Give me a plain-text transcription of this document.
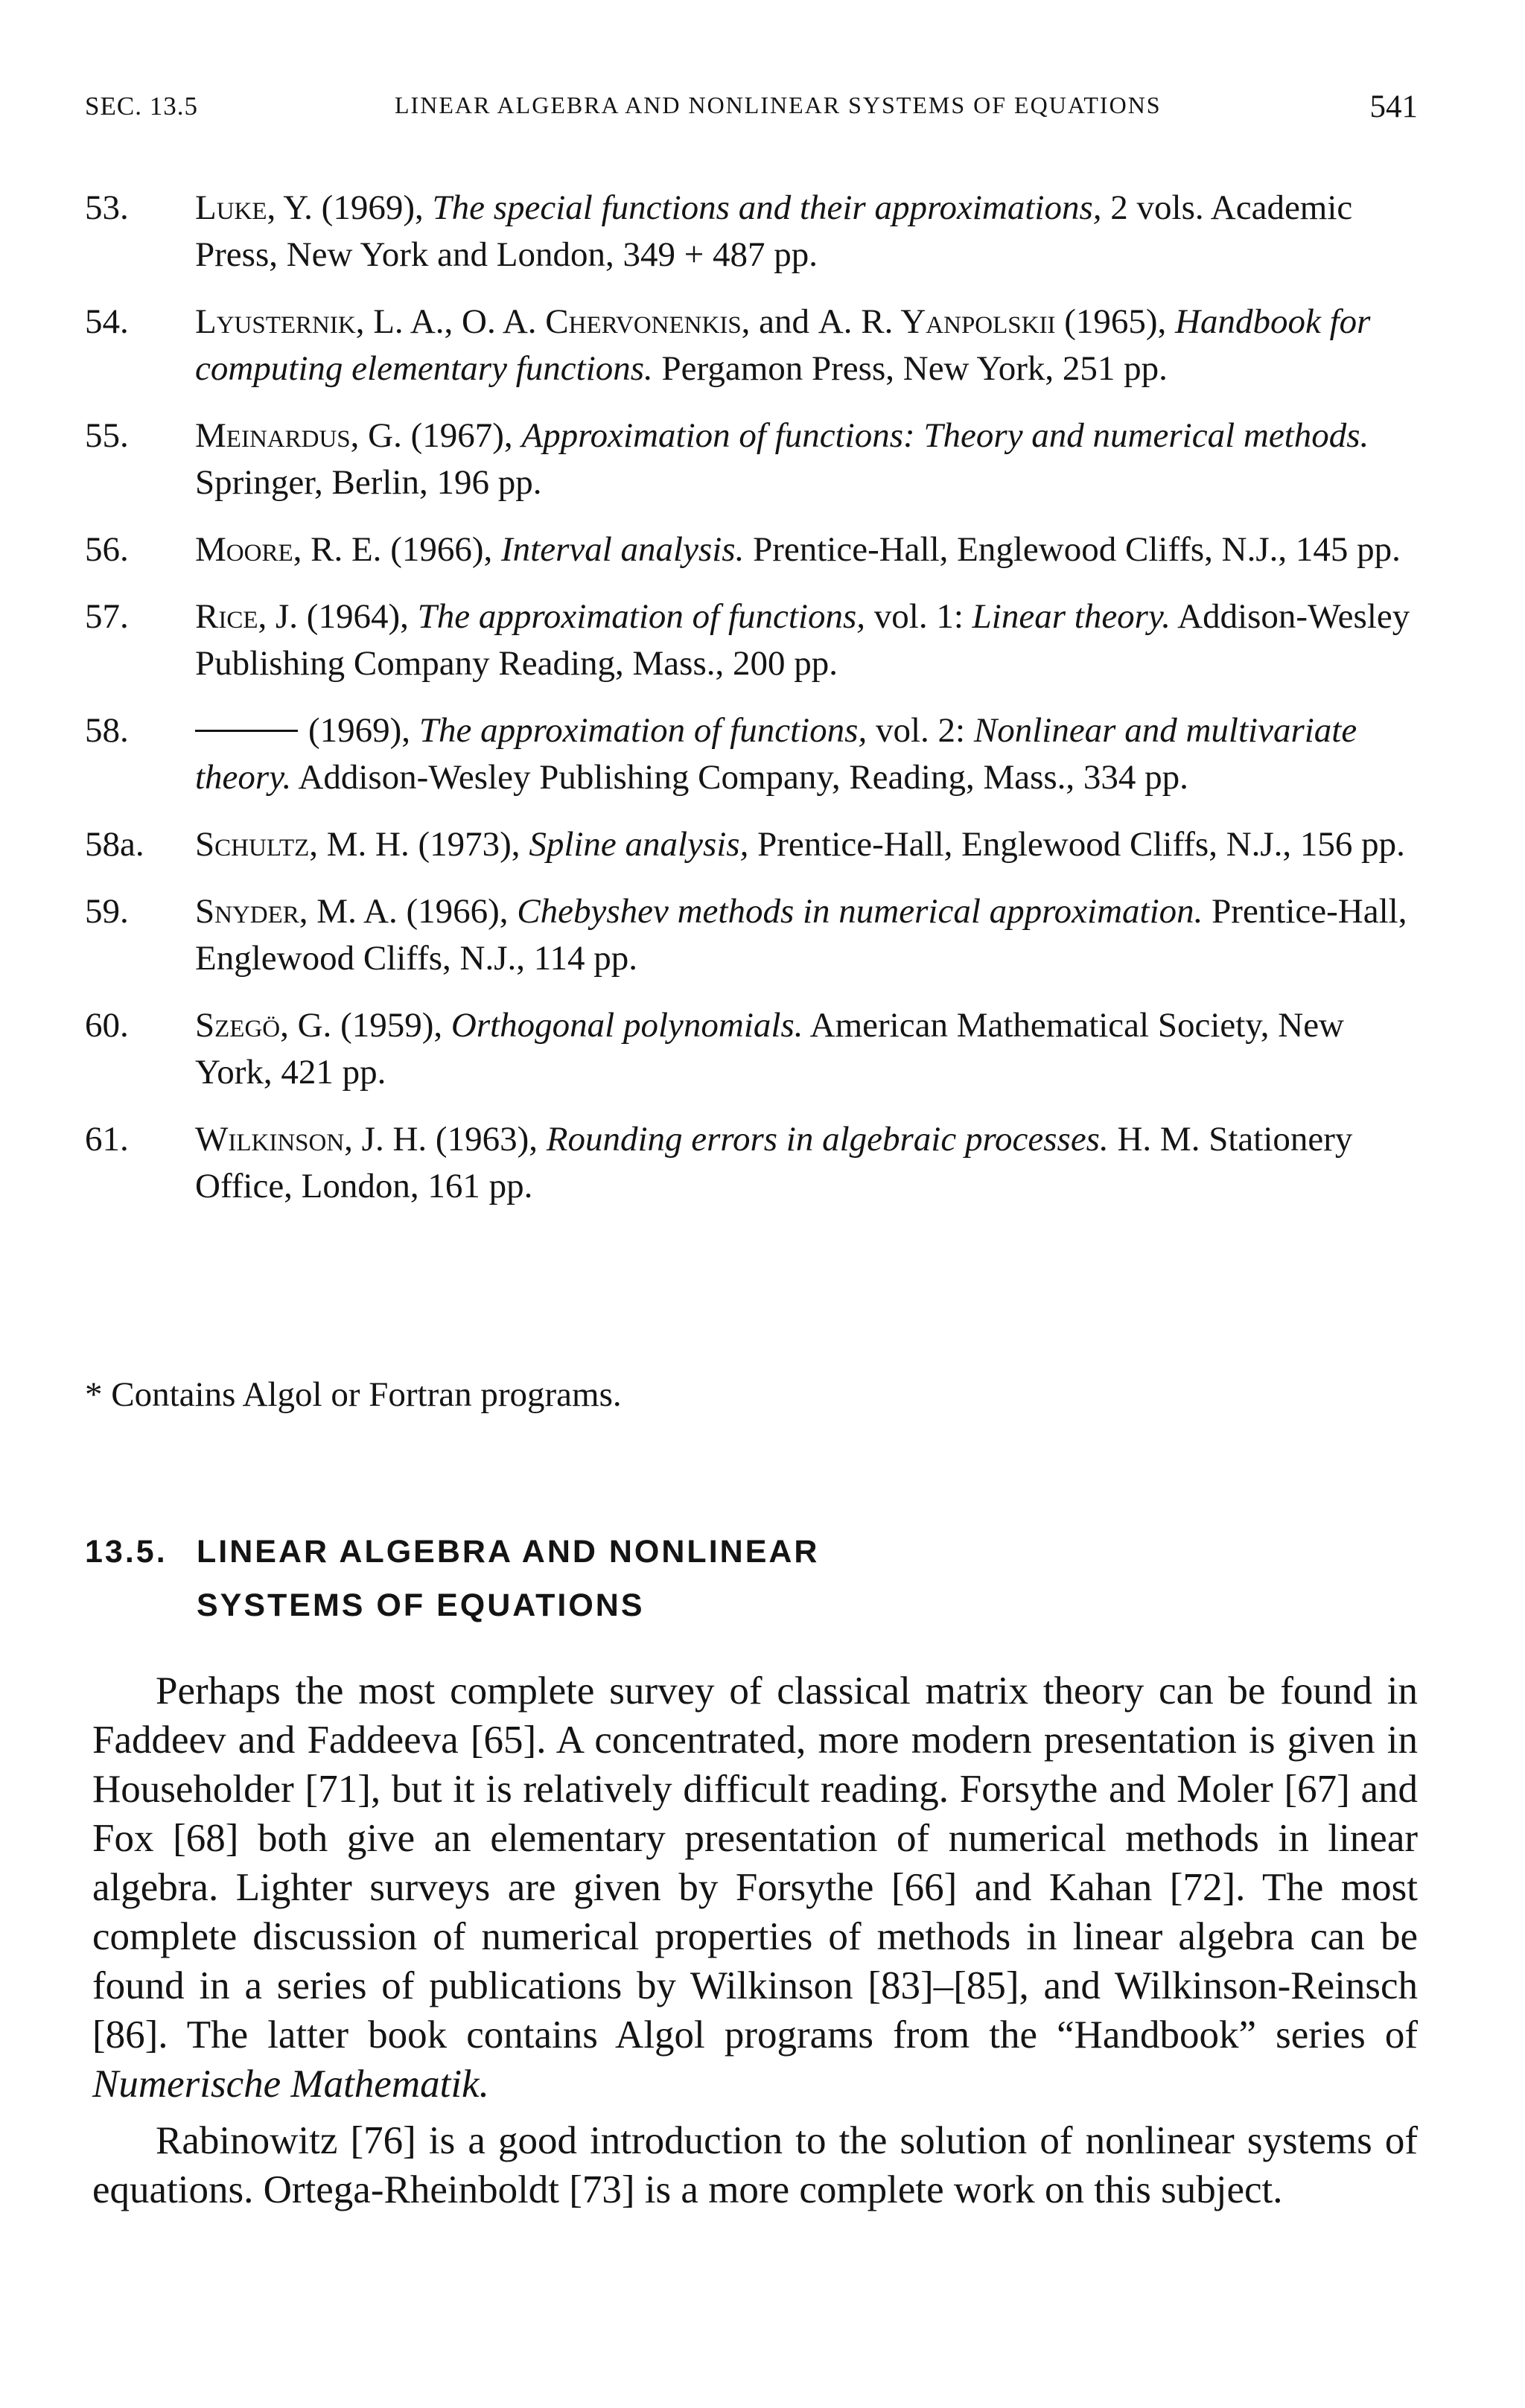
SEC. 13.5	LINEAR ALGEBRA AND NONLINEAR SYSTEMS OF EQUATIONS	541
53. Luke, Y. (1969), The special functions and their approximations, 2 vols. Academic Press, New York and London, 349 + 487 pp.
54. Lyusternik, L. A., O. A. Chervonenkis, and A. R. Yanpolskii (1965), Handbook for computing elementary functions. Pergamon Press, New York, 251 pp.
55. Meinardus, G. (1967), Approximation of functions: Theory and numerical methods. Springer, Berlin, 196 pp.
56. Moore, R. E. (1966), Interval analysis. Prentice-Hall, Englewood Cliffs, N.J., 145 pp.
57. Rice, J. (1964), The approximation of functions, vol. 1: Linear theory. Addison-Wesley Publishing Company Reading, Mass., 200 pp.
58.	(1969), The approximation of functions, vol. 2: Nonlinear and multivariate theory. Addison-Wesley Publishing Company, Reading, Mass., 334 pp.
58a. Schultz, M. H. (1973), Spline analysis, Prentice-Hall, Englewood Cliffs, N.J., 156 pp.
59. Snyder, M. A. (1966), Chebyshev methods in numerical approximation. Prentice-Hall, Englewood Cliffs, N.J., 114 pp.
60. Szegö, G. (1959), Orthogonal polynomials. American Mathematical Society, New York, 421 pp.
61. Wilkinson, J. H. (1963), Rounding errors in algebraic processes. H. M. Stationery Office, London, 161 pp.
* Contains Algol or Fortran programs.
13.5. LINEAR ALGEBRA AND NONLINEAR
SYSTEMS OF EQUATIONS

Perhaps the most complete survey of classical matrix theory can be found in Faddeev and Faddeeva [65]. A concentrated, more modern presentation is given in Householder [71], but it is relatively difficult reading. Forsythe and Moler [67] and Fox [68] both give an elementary presentation of numerical methods in linear algebra. Lighter surveys are given by Forsythe [66] and Kahan [72]. The most complete discussion of numerical properties of methods in linear algebra can be found in a series of publications by Wilkinson [83]–[85], and Wilkinson-Reinsch [86]. The latter book contains Algol programs from the “Handbook” series of Numerische Mathematik.

Rabinowitz [76] is a good introduction to the solution of nonlinear systems of equations. Ortega-Rheinboldt [73] is a more complete work on this subject.
